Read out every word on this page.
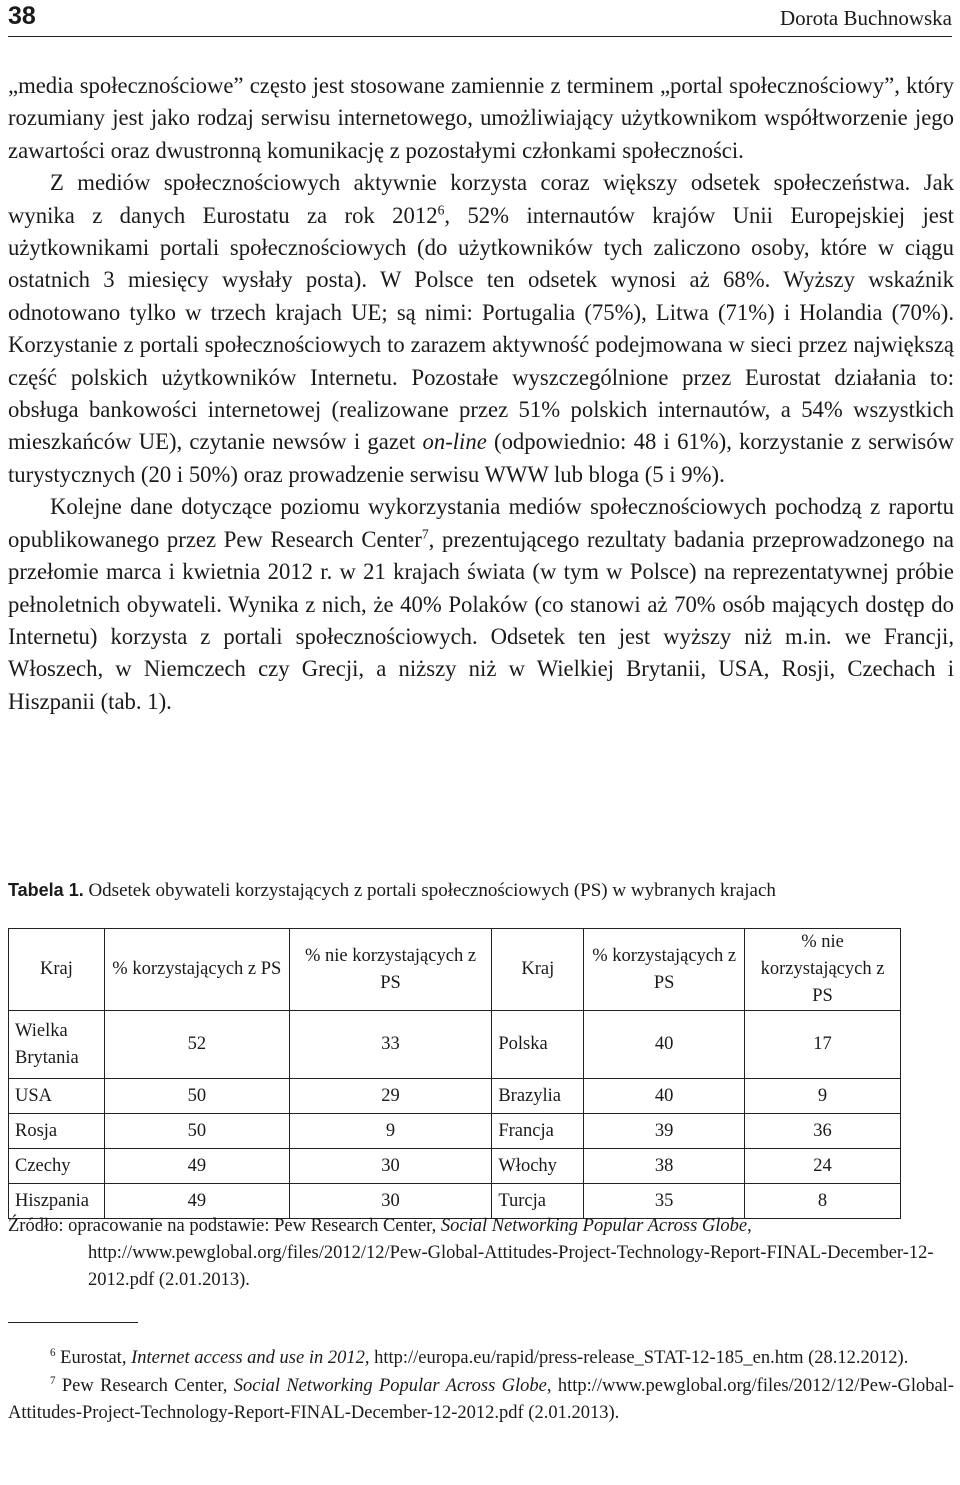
38	Dorota Buchnowska

„media społecznościowe” często jest stosowane zamiennie z terminem „portal społecznościowy”, który rozumiany jest jako rodzaj serwisu internetowego, umożliwiający użytkownikom współtworzenie jego zawartości oraz dwustronną komunikację z pozostałymi członkami społeczności.

Z mediów społecznościowych aktywnie korzysta coraz większy odsetek społeczeństwa. Jak wynika z danych Eurostatu za rok 2012$^6$, 52% internautów krajów Unii Europejskiej jest użytkownikami portali społecznościowych (do użytkowników tych zaliczono osoby, które w ciągu ostatnich 3 miesięcy wysłały posta). W Polsce ten odsetek wynosi aż 68%. Wyższy wskaźnik odnotowano tylko w trzech krajach UE; są nimi: Portugalia (75%), Litwa (71%) i Holandia (70%). Korzystanie z portali społecznościowych to zarazem aktywność podejmowana w sieci przez największą część polskich użytkowników Internetu. Pozostałe wyszczególnione przez Eurostat działania to: obsługa bankowości internetowej (realizowane przez 51% polskich internautów, a 54% wszystkich mieszkańców UE), czytanie newsów i gazet on-line (odpowiednio: 48 i 61%), korzystanie z serwisów turystycznych (20 i 50%) oraz prowadzenie serwisu WWW lub bloga (5 i 9%).

Kolejne dane dotyczące poziomu wykorzystania mediów społecznościowych pochodzą z raportu opublikowanego przez Pew Research Center$^7$, prezentującego rezultaty badania przeprowadzonego na przełomie marca i kwietnia 2012 r. w 21 krajach świata (w tym w Polsce) na reprezentatywnej próbie pełnoletnich obywateli. Wynika z nich, że 40% Polaków (co stanowi aż 70% osób mających dostęp do Internetu) korzysta z portali społecznościowych. Odsetek ten jest wyższy niż m.in. we Francji, Włoszech, w Niemczech czy Grecji, a niższy niż w Wielkiej Brytanii, USA, Rosji, Czechach i Hiszpanii (tab. 1).

Tabela 1. Odsetek obywateli korzystających z portali społecznościowych (PS) w wybranych krajach
Kraj	% korzystających z PS	% nie korzystających z PS	Kraj	% korzystających z PS	% nie korzystających z PS
Wielka Brytania	52	33	Polska	40	17
USA	50	29	Brazylia	40	9
Rosja	50	9	Francja	39	36
Czechy	49	30	Włochy	38	24
Hiszpania	49	30	Turcja	35	8
Źródło: opracowanie na podstawie: Pew Research Center, Social Networking Popular Across Globe,
http://www.pewglobal.org/files/2012/12/Pew-Global-Attitudes-Project-Technology-Report-FINAL-December-12-2012.pdf (2.01.2013).

$^6$ Eurostat, Internet access and use in 2012, http://europa.eu/rapid/press-release_STAT-12-185_en.htm (28.12.2012).

$^7$ Pew Research Center, Social Networking Popular Across Globe, http://www.pewglobal.org/files/2012/12/Pew-Global-Attitudes-Project-Technology-Report-FINAL-December-12-2012.pdf (2.01.2013).
